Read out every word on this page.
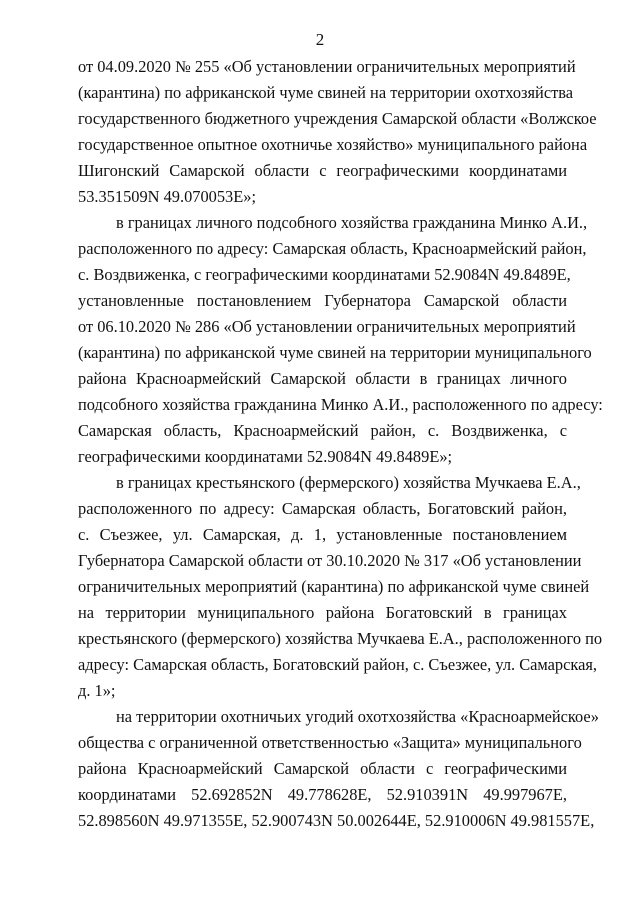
2
от 04.09.2020 № 255 «Об установлении ограничительных мероприятий
(карантина) по африканской чуме свиней на территории охотхозяйства
государственного бюджетного учреждения Самарской области «Волжское
государственное опытное охотничье хозяйство» муниципального района
Шигонский Самарской области с географическими координатами
53.351509N 49.070053E»;
в границах личного подсобного хозяйства гражданина Минко А.И.,
расположенного по адресу: Самарская область, Красноармейский район,
с. Воздвиженка, с географическими координатами 52.9084N 49.8489E,
установленные постановлением Губернатора Самарской области
от 06.10.2020 № 286 «Об установлении ограничительных мероприятий
(карантина) по африканской чуме свиней на территории муниципального
района Красноармейский Самарской области в границах личного
подсобного хозяйства гражданина Минко А.И., расположенного по адресу:
Самарская область, Красноармейский район, с. Воздвиженка, с
географическими координатами 52.9084N 49.8489E»;
в границах крестьянского (фермерского) хозяйства Мучкаева Е.А.,
расположенного по адресу: Самарская область, Богатовский район,
с. Съезжее, ул. Самарская, д. 1, установленные постановлением
Губернатора Самарской области от 30.10.2020 № 317 «Об установлении
ограничительных мероприятий (карантина) по африканской чуме свиней
на территории муниципального района Богатовский в границах
крестьянского (фермерского) хозяйства Мучкаева Е.А., расположенного по
адресу: Самарская область, Богатовский район, с. Съезжее, ул. Самарская,
д. 1»;
на территории охотничьих угодий охотхозяйства «Красноармейское»
общества с ограниченной ответственностью «Защита» муниципального
района Красноармейский Самарской области с географическими
координатами 52.692852N 49.778628E, 52.910391N 49.997967E,
52.898560N 49.971355E, 52.900743N 50.002644E, 52.910006N 49.981557E,
